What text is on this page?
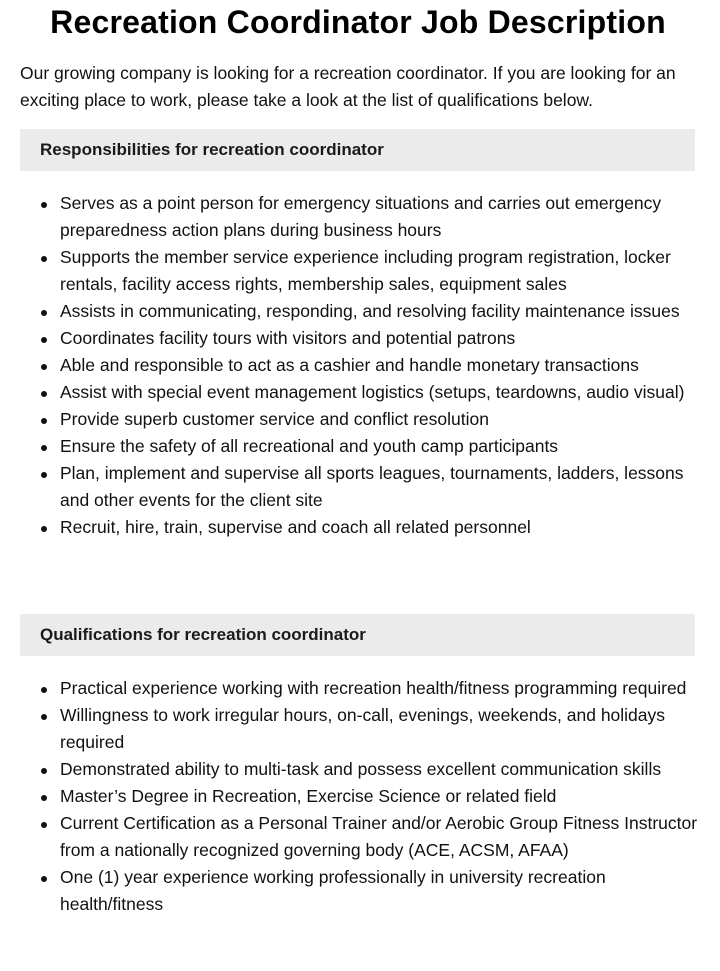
Recreation Coordinator Job Description

Our growing company is looking for a recreation coordinator. If you are looking for an exciting place to work, please take a look at the list of qualifications below.

Responsibilities for recreation coordinator
Serves as a point person for emergency situations and carries out emergency preparedness action plans during business hours
Supports the member service experience including program registration, locker rentals, facility access rights, membership sales, equipment sales
Assists in communicating, responding, and resolving facility maintenance issues
Coordinates facility tours with visitors and potential patrons
Able and responsible to act as a cashier and handle monetary transactions
Assist with special event management logistics (setups, teardowns, audio visual)
Provide superb customer service and conflict resolution
Ensure the safety of all recreational and youth camp participants
Plan, implement and supervise all sports leagues, tournaments, ladders, lessons and other events for the client site
Recruit, hire, train, supervise and coach all related personnel
Qualifications for recreation coordinator
Practical experience working with recreation health/fitness programming required
Willingness to work irregular hours, on-call, evenings, weekends, and holidays required
Demonstrated ability to multi-task and possess excellent communication skills
Master’s Degree in Recreation, Exercise Science or related field
Current Certification as a Personal Trainer and/or Aerobic Group Fitness Instructor from a nationally recognized governing body (ACE, ACSM, AFAA)
One (1) year experience working professionally in university recreation health/fitness
